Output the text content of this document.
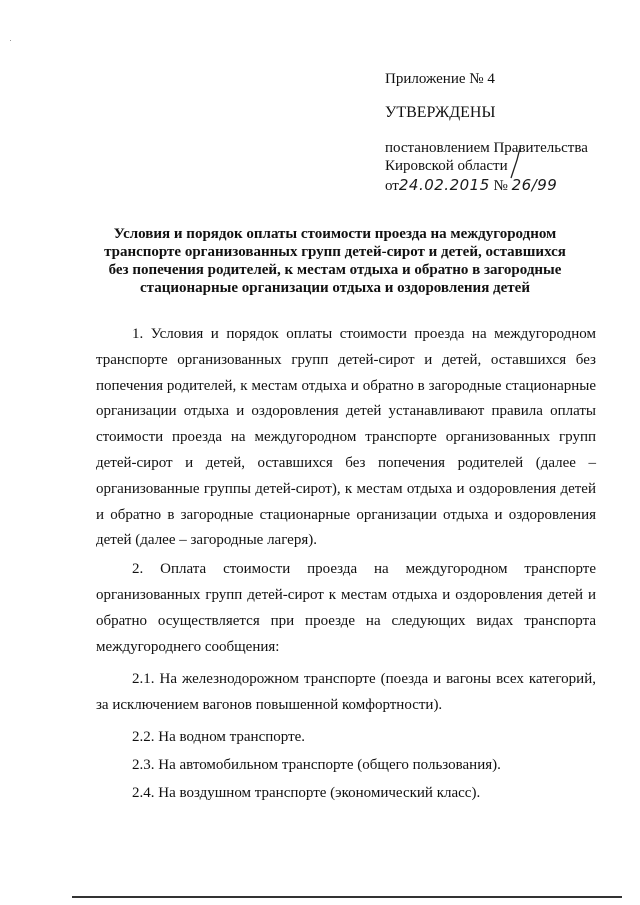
Приложение № 4
УТВЕРЖДЕНЫ
постановлением Правительства
Кировской области
от24.02.2015 № 26/99
Условия и порядок оплаты стоимости проезда на междугородном
транспорте организованных групп детей-сирот и детей, оставшихся
без попечения родителей, к местам отдыха и обратно в загородные
стационарные организации отдыха и оздоровления детей
1. Условия и порядок оплаты стоимости проезда на междугородном
транспорте организованных групп детей-сирот и детей, оставшихся без
попечения родителей, к местам отдыха и обратно в загородные стационарные
организации отдыха и оздоровления детей устанавливают правила оплаты
стоимости проезда на междугородном транспорте организованных групп
детей-сирот и детей, оставшихся без попечения родителей (далее –
организованные группы детей-сирот), к местам отдыха и оздоровления детей
и обратно в загородные стационарные организации отдыха и оздоровления
детей (далее – загородные лагеря).
2. Оплата стоимости проезда на междугородном транспорте
организованных групп детей-сирот к местам отдыха и оздоровления детей и
обратно осуществляется при проезде на следующих видах транспорта
междугороднего сообщения:
2.1. На железнодорожном транспорте (поезда и вагоны всех категорий,
за исключением вагонов повышенной комфортности).
2.2. На водном транспорте.
2.3. На автомобильном транспорте (общего пользования).
2.4. На воздушном транспорте (экономический класс).
